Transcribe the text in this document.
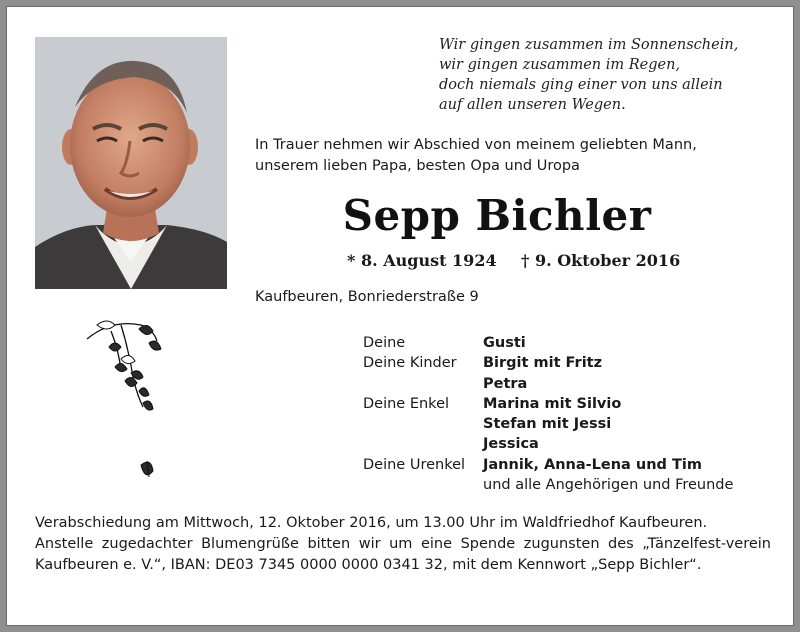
Wir gingen zusammen im Sonnenschein,
wir gingen zusammen im Regen,
doch niemals ging einer von uns allein
auf allen unseren Wegen.
In Trauer nehmen wir Abschied von meinem geliebten Mann,
unserem lieben Papa, besten Opa und Uropa
Sepp Bichler
* 8. August 1924 † 9. Oktober 2016
Kaufbeuren, Bonriederstraße 9
Deine	Gusti
Deine Kinder	Birgit mit Fritz
Petra
Deine Enkel	Marina mit Silvio
Stefan mit Jessi
Jessica
Deine Urenkel	Jannik, Anna-Lena und Tim
und alle Angehörigen und Freunde

Verabschiedung am Mittwoch, 12. Oktober 2016, um 13.00 Uhr im Waldfriedhof Kaufbeuren.

Anstelle zugedachter Blumengrüße bitten wir um eine Spende zugunsten des „Tänzelfest-verein Kaufbeuren e. V.“, IBAN: DE03 7345 0000 0000 0341 32, mit dem Kennwort „Sepp Bichler“.
